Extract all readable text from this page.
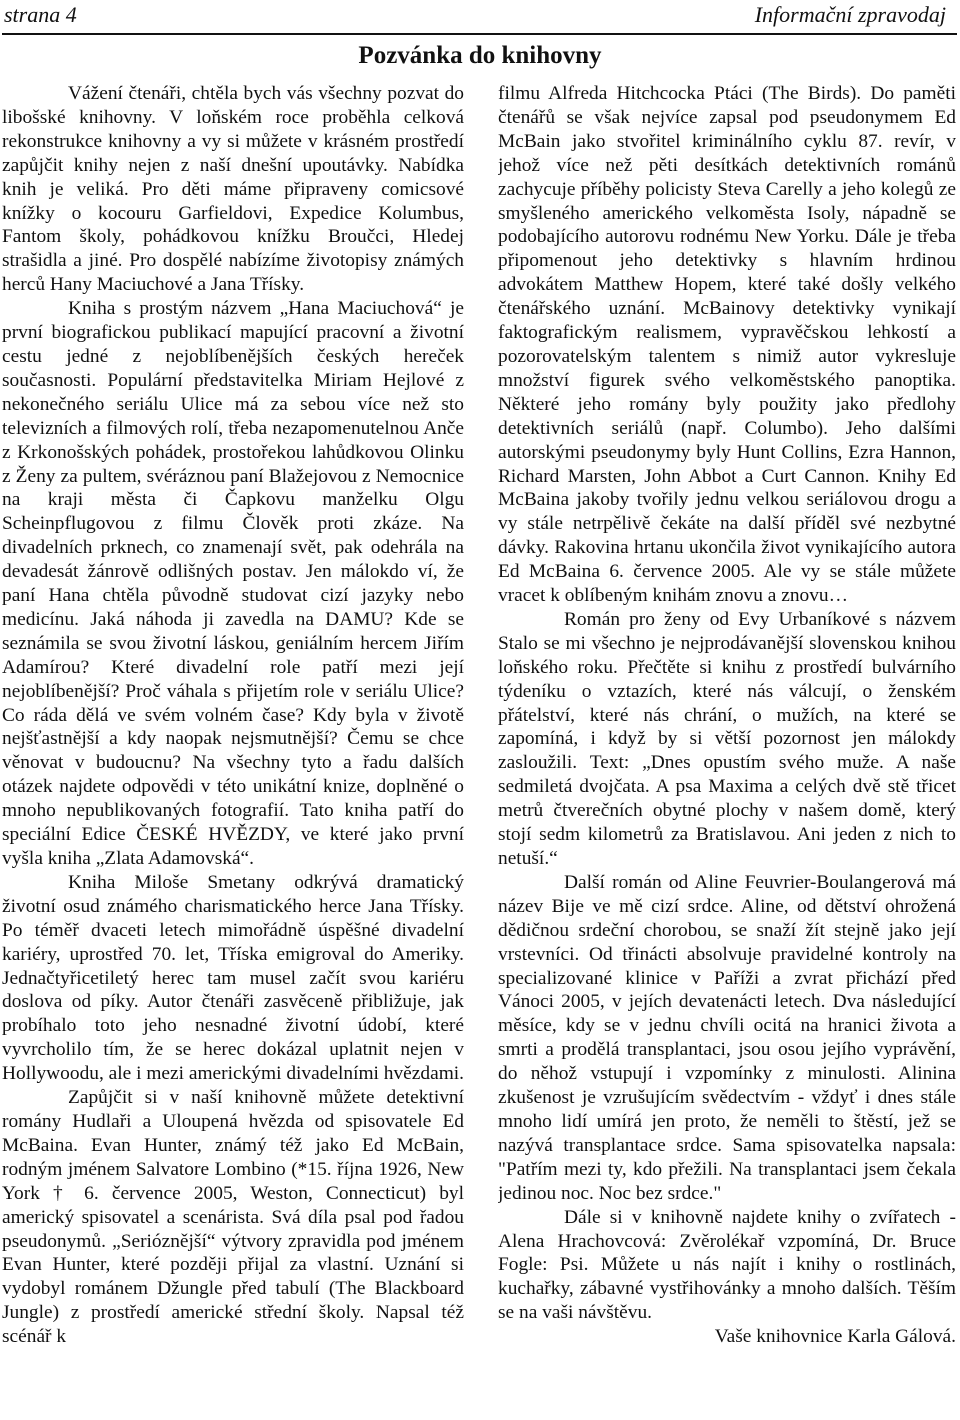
strana 4	Informační zpravodaj
Pozvánka do knihovny

Vážení čtenáři, chtěla bych vás všechny pozvat do libošské knihovny. V loňském roce proběhla celková rekonstrukce knihovny a vy si můžete v krásném prostředí zapůjčit knihy nejen z naší dnešní upoutávky. Nabídka knih je veliká. Pro děti máme připraveny comicsové knížky o kocouru Garfieldovi, Expedice Kolumbus, Fantom školy, pohádkovou knížku Broučci, Hledej strašidla a jiné. Pro dospělé nabízíme životopisy známých herců Hany Maciuchové a Jana Třísky.

Kniha s prostým názvem „Hana Maciuchová“ je první biografickou publikací mapující pracovní a životní cestu jedné z nejoblíbenějších českých hereček současnosti. Populární představitelka Miriam Hejlové z nekonečného seriálu Ulice má za sebou více než sto televizních a filmových rolí, třeba nezapomenutelnou Anče z Krkonošských pohádek, prostořekou lahůdkovou Olinku z Ženy za pultem, svéráznou paní Blažejovou z Nemocnice na kraji města či Čapkovu manželku Olgu Scheinpflugovou z filmu Člověk proti zkáze. Na divadelních prknech, co znamenají svět, pak odehrála na devadesát žánrově odlišných postav. Jen málokdo ví, že paní Hana chtěla původně studovat cizí jazyky nebo medicínu. Jaká náhoda ji zavedla na DAMU? Kde se seznámila se svou životní láskou, geniálním hercem Jiřím Adamírou? Které divadelní role patří mezi její nejoblíbenější? Proč váhala s přijetím role v seriálu Ulice? Co ráda dělá ve svém volném čase? Kdy byla v životě nejšťastnější a kdy naopak nejsmutnější? Čemu se chce věnovat v budoucnu? Na všechny tyto a řadu dalších otázek najdete odpovědi v této unikátní knize, doplněné o mnoho nepublikovaných fotografií. Tato kniha patří do speciální Edice ČESKÉ HVĚZDY, ve které jako první vyšla kniha „Zlata Adamovská“.

Kniha Miloše Smetany odkrývá dramatický životní osud známého charismatického herce Jana Třísky. Po téměř dvaceti letech mimořádně úspěšné divadelní kariéry, uprostřed 70. let, Tříska emigroval do Ameriky. Jednačtyřicetiletý herec tam musel začít svou kariéru doslova od píky. Autor čtenáři zasvěceně přibližuje, jak probíhalo toto jeho nesnadné životní údobí, které vyvrcholilo tím, že se herec dokázal uplatnit nejen v Hollywoodu, ale i mezi americkými divadelními hvězdami.

Zapůjčit si v naší knihovně můžete detektivní romány Hudlaři a Uloupená hvězda od spisovatele Ed McBaina. Evan Hunter, známý též jako Ed McBain, rodným jménem Salvatore Lombino (*15. října 1926, New York † 6. července 2005, Weston, Connecticut) byl americký spisovatel a scenárista. Svá díla psal pod řadou pseudonymů. „Serióznější“ výtvory zpravidla pod jménem Evan Hunter, které později přijal za vlastní. Uznání si vydobyl románem Džungle před tabulí (The Blackboard Jungle) z prostředí americké střední školy. Napsal též scénář k

filmu Alfreda Hitchcocka Ptáci (The Birds). Do paměti čtenářů se však nejvíce zapsal pod pseudonymem Ed McBain jako stvořitel kriminálního cyklu 87. revír, v jehož více než pěti desítkách detektivních románů zachycuje příběhy policisty Steva Carelly a jeho kolegů ze smyšleného amerického velkoměsta Isoly, nápadně se podobajícího autorovu rodnému New Yorku. Dále je třeba připomenout jeho detektivky s hlavním hrdinou advokátem Matthew Hopem, které také došly velkého čtenářského uznání. McBainovy detektivky vynikají faktografickým realismem, vypravěčskou lehkostí a pozorovatelským talentem s nimiž autor vykresluje množství figurek svého velkoměstského panoptika. Některé jeho romány byly použity jako předlohy detektivních seriálů (např. Columbo). Jeho dalšími autorskými pseudonymy byly Hunt Collins, Ezra Hannon, Richard Marsten, John Abbot a Curt Cannon. Knihy Ed McBaina jakoby tvořily jednu velkou seriálovou drogu a vy stále netrpělivě čekáte na další příděl své nezbytné dávky. Rakovina hrtanu ukončila život vynikajícího autora Ed McBaina 6. července 2005. Ale vy se stále můžete vracet k oblíbeným knihám znovu a znovu…

Román pro ženy od Evy Urbaníkové s názvem Stalo se mi všechno je nejprodávanější slovenskou knihou loňského roku. Přečtěte si knihu z prostředí bulvárního týdeníku o vztazích, které nás válcují, o ženském přátelství, které nás chrání, o mužích, na které se zapomíná, i když by si větší pozornost jen málokdy zasloužili. Text: „Dnes opustím svého muže. A naše sedmiletá dvojčata. A psa Maxima a celých dvě stě třicet metrů čtverečních obytné plochy v našem domě, který stojí sedm kilometrů za Bratislavou. Ani jeden z nich to netuší.“

Další román od Aline Feuvrier-Boulangerová má název Bije ve mě cizí srdce. Aline, od dětství ohrožená dědičnou srdeční chorobou, se snaží žít stejně jako její vrstevníci. Od třinácti absolvuje pravidelné kontroly na specializované klinice v Paříži a zvrat přichází před Vánoci 2005, v jejích devatenácti letech. Dva následující měsíce, kdy se v jednu chvíli ocitá na hranici života a smrti a prodělá transplantaci, jsou osou jejího vyprávění, do něhož vstupují i vzpomínky z minulosti. Alinina zkušenost je vzrušujícím svědectvím - vždyť i dnes stále mnoho lidí umírá jen proto, že neměli to štěstí, jež se nazývá transplantace srdce. Sama spisovatelka napsala: "Patřím mezi ty, kdo přežili. Na transplantaci jsem čekala jedinou noc. Noc bez srdce."

Dále si v knihovně najdete knihy o zvířatech - Alena Hrachovcová: Zvěrolékař vzpomíná, Dr. Bruce Fogle: Psi. Můžete u nás najít i knihy o rostlinách, kuchařky, zábavné vystřihovánky a mnoho dalších. Těším se na vaši návštěvu.

Vaše knihovnice Karla Gálová.
